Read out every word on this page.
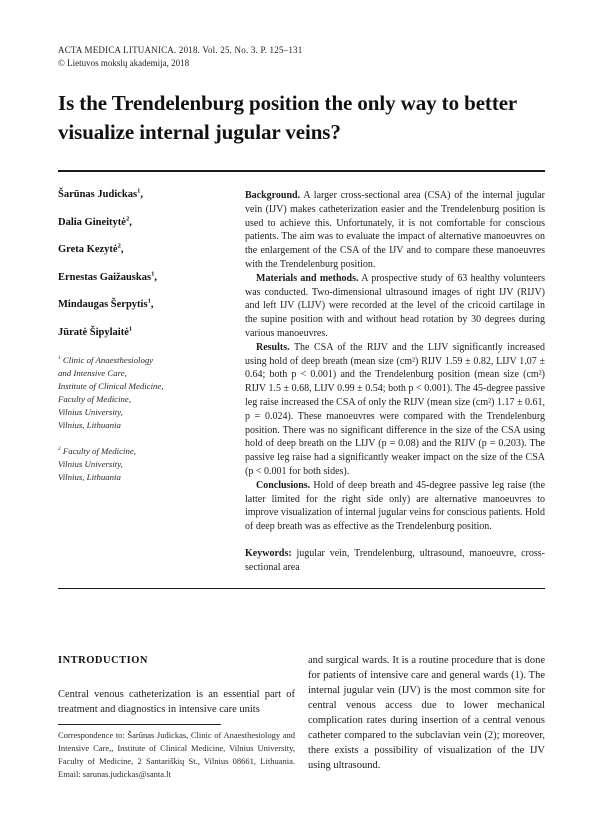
ACTA MEDICA LITUANICA. 2018. Vol. 25. No. 3. P. 125–131
© Lietuvos mokslų akademija, 2018
Is the Trendelenburg position the only way to better visualize internal jugular veins?
Šarūnas Judickas$^1$,
Dalia Gineitytė$^2$,
Greta Kezytė$^2$,
Ernestas Gaižauskas$^1$,
Mindaugas Šerpytis$^1$,
Jūratė Šipylaitė$^1$
$^1$ Clinic of Anaesthesiology
and Intensive Care,
Institute of Clinical Medicine,
Faculty of Medicine,
Vilnius University,
Vilnius, Lithuania
$^2$ Faculty of Medicine,
Vilnius University,
Vilnius, Lithuania

Background. A larger cross-sectional area (CSA) of the internal jugular vein (IJV) makes catheterization easier and the Trendelenburg position is used to achieve this. Unfortunately, it is not comfortable for conscious patients. The aim was to evaluate the impact of alternative manoeuvres on the enlargement of the CSA of the IJV and to compare these manoeuvres with the Trendelenburg position.

Materials and methods. A prospective study of 63 healthy volunteers was conducted. Two-dimensional ultrasound images of right IJV (RIJV) and left IJV (LIJV) were recorded at the level of the cricoid cartilage in the supine position with and without head rotation by 30 degrees during various manoeuvres.

Results. The CSA of the RIJV and the LIJV significantly increased using hold of deep breath (mean size (cm²) RIJV 1.59 ± 0.82, LIJV 1.07 ± 0.64; both p < 0.001) and the Trendelenburg position (mean size (cm²) RIJV 1.5 ± 0.68, LIJV 0.99 ± 0.54; both p < 0.001). The 45-degree passive leg raise increased the CSA of only the RIJV (mean size (cm²) 1.17 ± 0.61, p = 0.024). These manoeuvres were compared with the Trendelenburg position. There was no significant difference in the size of the CSA using hold of deep breath on the LIJV (p = 0.08) and the RIJV (p = 0.203). The passive leg raise had a significantly weaker impact on the size of the CSA (p < 0.001 for both sides).

Conclusions. Hold of deep breath and 45-degree passive leg raise (the latter limited for the right side only) are alternative manoeuvres to improve visualization of internal jugular veins for conscious patients. Hold of deep breath was as effective as the Trendelenburg position.

Keywords: jugular vein, Trendelenburg, ultrasound, manoeuvre, cross-sectional area
INTRODUCTION

Central venous catheterization is an essential part of treatment and diagnostics in intensive care units

Correspondence to: Šarūnas Judickas, Clinic of Anaesthesiology and Intensive Care,, Institute of Clinical Medicine, Vilnius University, Faculty of Medicine, 2 Santariškių St., Vilnius 08661, Lithuania. Email: sarunas.judickas@santa.lt

and surgical wards. It is a routine procedure that is done for patients of intensive care and general wards (1). The internal jugular vein (IJV) is the most common site for central venous access due to lower mechanical complication rates during insertion of a central venous catheter compared to the subclavian vein (2); moreover, there exists a possibility of visualization of the IJV using ultrasound.
